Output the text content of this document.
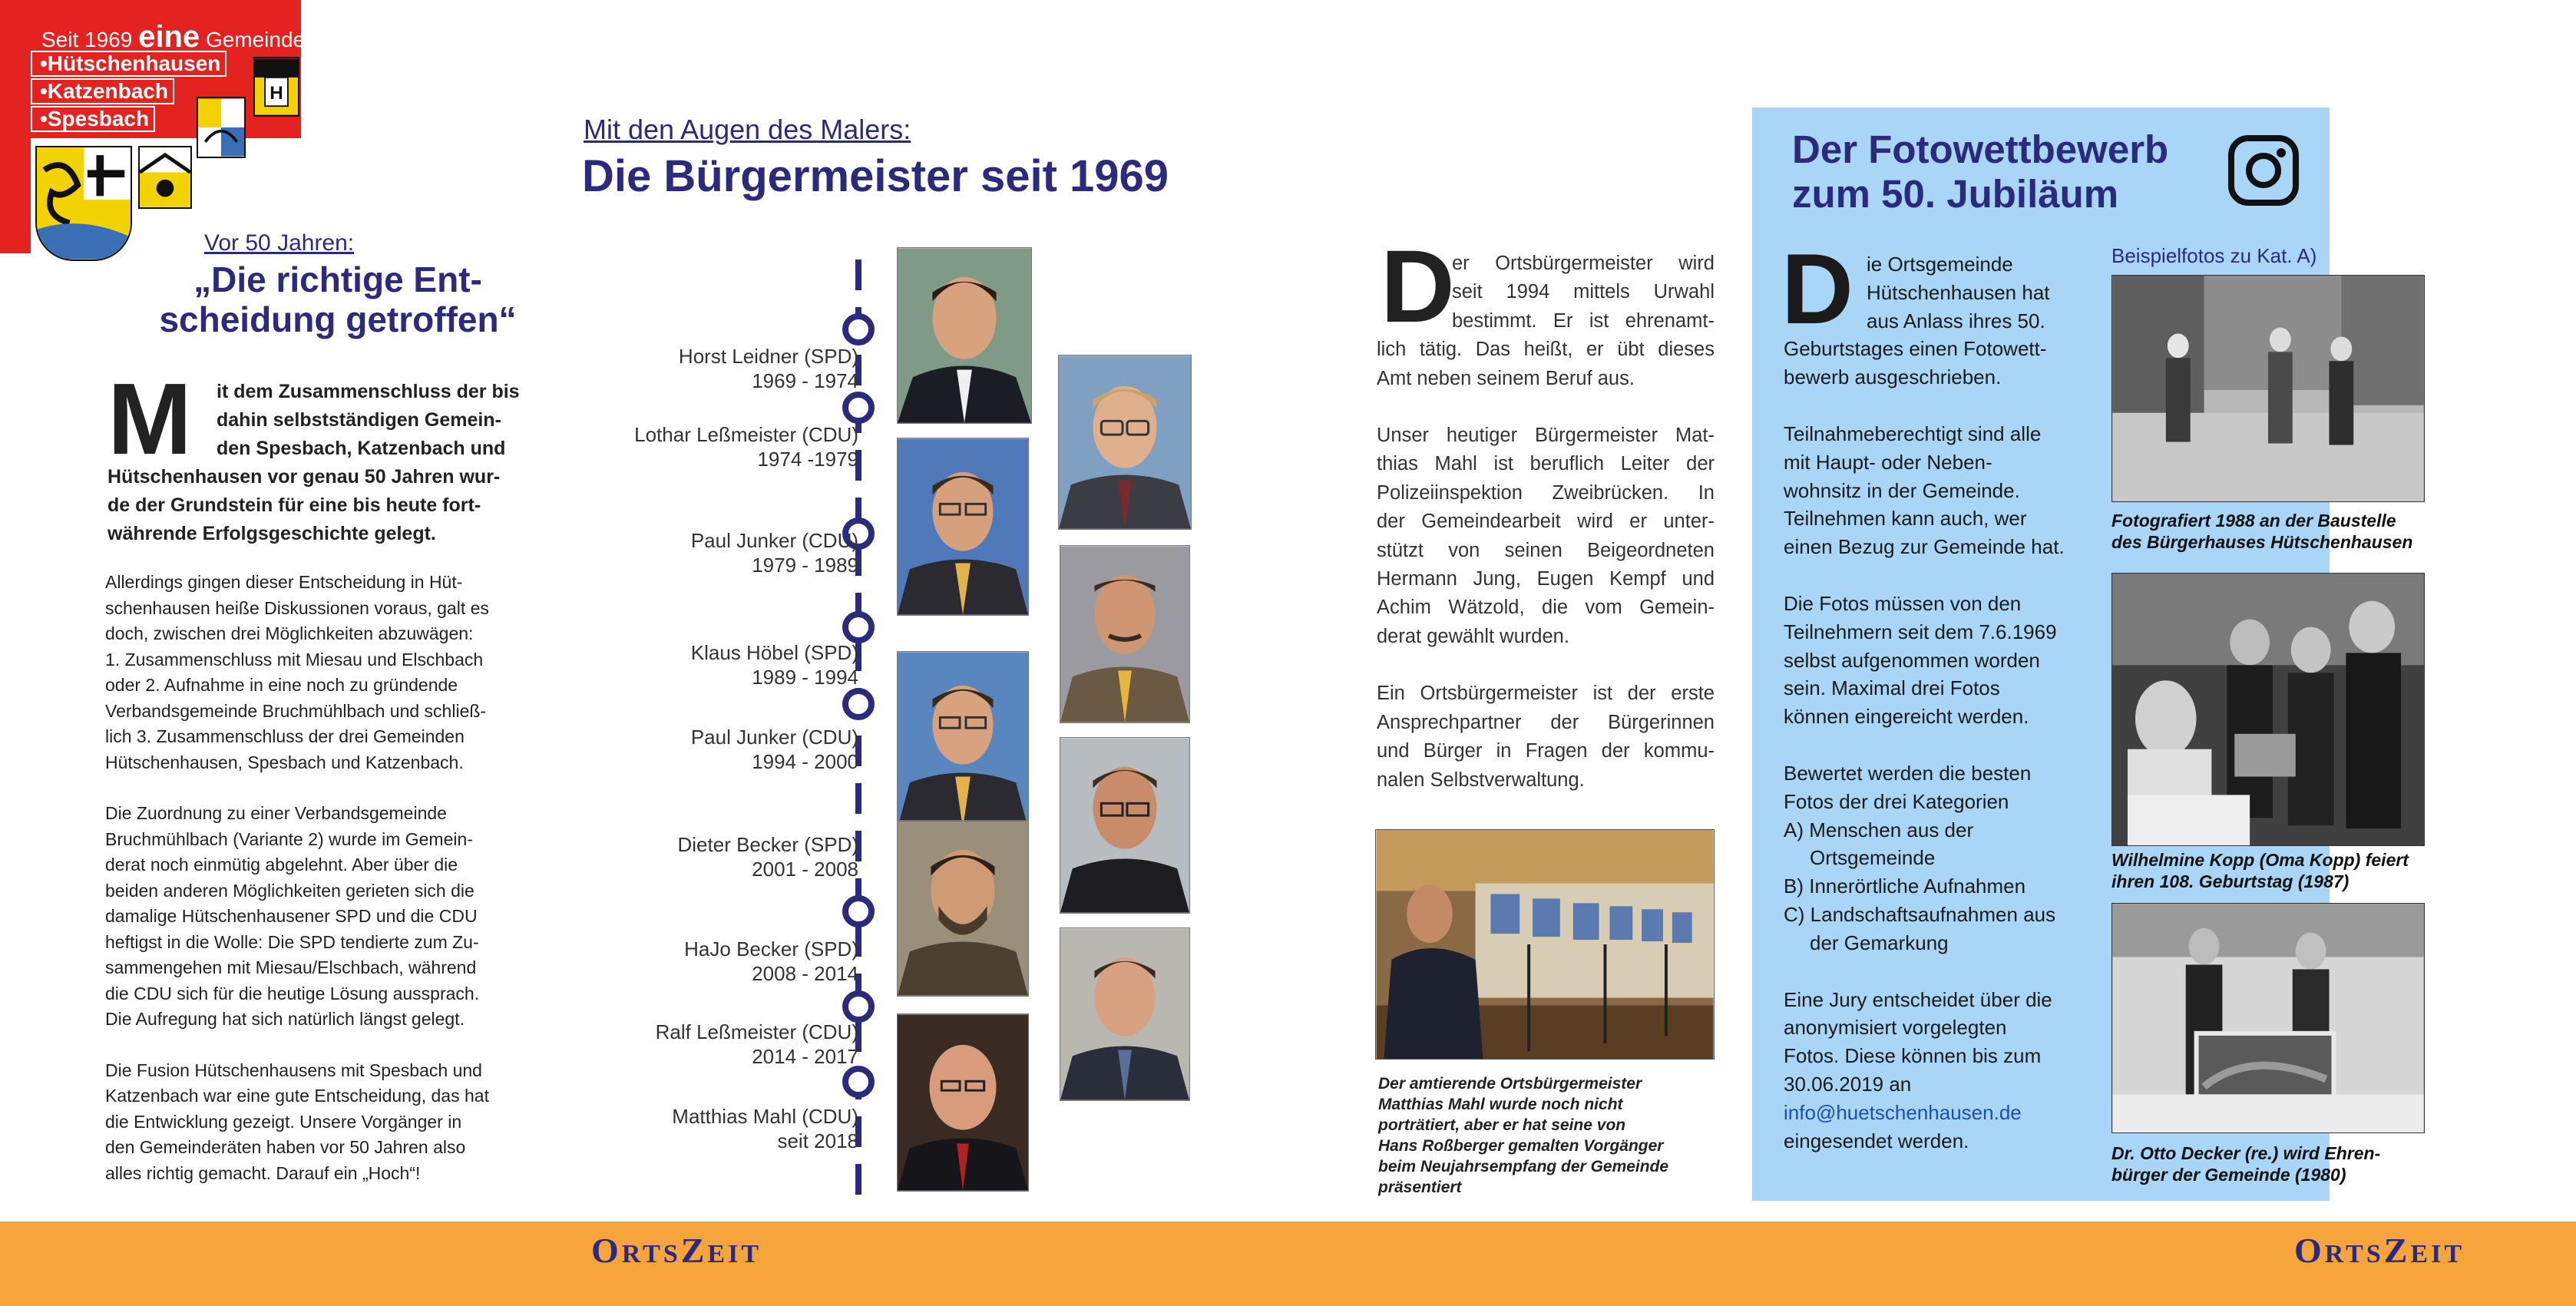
Seit 1969 eine Gemeinde
•Hütschenhausen
•Katzenbach
•Spesbach
H
Vor 50 Jahren:
„Die richtige Ent-
scheidung getroffen“
M	it dem Zusammenschluss der bis
dahin selbstständigen Gemein-
den Spesbach, Katzenbach und
Hütschenhausen vor genau 50 Jahren wur-
de der Grundstein für eine bis heute fort-
währende Erfolgsgeschichte gelegt.

Allerdings gingen dieser Entscheidung in Hüt-
schenhausen heiße Diskussionen voraus, galt es
doch, zwischen drei Möglichkeiten abzuwägen:
1. Zusammenschluss mit Miesau und Elschbach
oder 2. Aufnahme in eine noch zu gründende
Verbandsgemeinde Bruchmühlbach und schließ-
lich 3. Zusammenschluss der drei Gemeinden
Hütschenhausen, Spesbach und Katzenbach.

Die Zuordnung zu einer Verbandsgemeinde
Bruchmühlbach (Variante 2) wurde im Gemein-
derat noch einmütig abgelehnt. Aber über die
beiden anderen Möglichkeiten gerieten sich die
damalige Hütschenhausener SPD und die CDU
heftigst in die Wolle: Die SPD tendierte zum Zu-
sammengehen mit Miesau/Elschbach, während
die CDU sich für die heutige Lösung aussprach.
Die Aufregung hat sich natürlich längst gelegt.

Die Fusion Hütschenhausens mit Spesbach und
Katzenbach war eine gute Entscheidung, das hat
die Entwicklung gezeigt. Unsere Vorgänger in
den Gemeinderäten haben vor 50 Jahren also
alles richtig gemacht. Darauf ein „Hoch“!

Mit den Augen des Malers:
Die Bürgermeister seit 1969
Horst Leidner (SPD)
1969 - 1974
Lothar Leßmeister (CDU)
1974 -1979
Paul Junker (CDU)
1979 - 1989
Klaus Höbel (SPD)
1989 - 1994
Paul Junker (CDU)
1994 - 2000
Dieter Becker (SPD)
2001 - 2008
HaJo Becker (SPD)
2008 - 2014
Ralf Leßmeister (CDU)
2014 - 2017
Matthias Mahl (CDU)
seit 2018
D

er Ortsbürgermeister wird
seit 1994 mittels Urwahl
bestimmt. Er ist ehrenamt-
lich tätig. Das heißt, er übt dieses
Amt neben seinem Beruf aus.

Unser heutiger Bürgermeister Mat-
thias Mahl ist beruflich Leiter der
Polizeiinspektion Zweibrücken. In
der Gemeindearbeit wird er unter-
stützt von seinen Beigeordneten
Hermann Jung, Eugen Kempf und
Achim Wätzold, die vom Gemein-
derat gewählt wurden.

Ein Ortsbürgermeister ist der erste
Ansprechpartner der Bürgerinnen
und Bürger in Fragen der kommu-
nalen Selbstverwaltung.

Der amtierende Ortsbürgermeister
Matthias Mahl wurde noch nicht
porträtiert, aber er hat seine von
Hans Roßberger gemalten Vorgänger
beim Neujahrsempfang der Gemeinde
präsentiert
Der Fotowettbewerb
zum 50. Jubiläum
D ie Ortsgemeinde
Hütschenhausen hat
aus Anlass ihres 50.
Geburtstages einen Fotowett-
bewerb ausgeschrieben.

Teilnahmeberechtigt sind alle
mit Haupt- oder Neben-
wohnsitz in der Gemeinde.
Teilnehmen kann auch, wer
einen Bezug zur Gemeinde hat.

Die Fotos müssen von den
Teilnehmern seit dem 7.6.1969
selbst aufgenommen worden
sein. Maximal drei Fotos
können eingereicht werden.

Bewertet werden die besten
Fotos der drei Kategorien
A) Menschen aus der
Ortsgemeinde
B) Innerörtliche Aufnahmen
C) Landschaftsaufnahmen aus
der Gemarkung

Eine Jury entscheidet über die
anonymisiert vorgelegten
Fotos. Diese können bis zum
30.06.2019 an
info@huetschenhausen.de
eingesendet werden.

Beispielfotos zu Kat. A)
Fotografiert 1988 an der Baustelle
des Bürgerhauses Hütschenhausen
Wilhelmine Kopp (Oma Kopp) feiert
ihren 108. Geburtstag (1987)
Dr. Otto Decker (re.) wird Ehren-
bürger der Gemeinde (1980)
ORTSZEIT	ORTSZEIT
